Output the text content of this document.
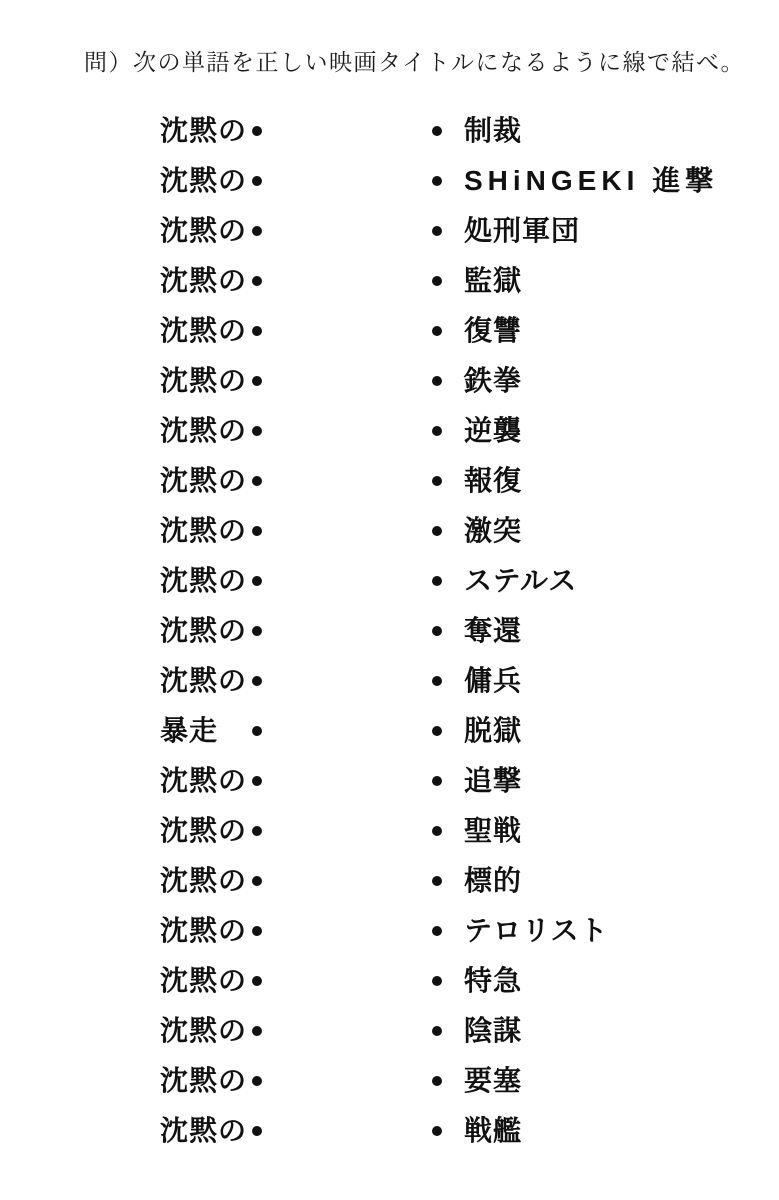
問）次の単語を正しい映画タイトルになるように線で結べ。
沈黙の	制裁
沈黙の	SHiNGEKI 進撃
沈黙の	処刑軍団
沈黙の	監獄
沈黙の	復讐
沈黙の	鉄拳
沈黙の	逆襲
沈黙の	報復
沈黙の	激突
沈黙の	ステルス
沈黙の	奪還
沈黙の	傭兵
暴走	脱獄
沈黙の	追撃
沈黙の	聖戦
沈黙の	標的
沈黙の	テロリスト
沈黙の	特急
沈黙の	陰謀
沈黙の	要塞
沈黙の	戦艦
